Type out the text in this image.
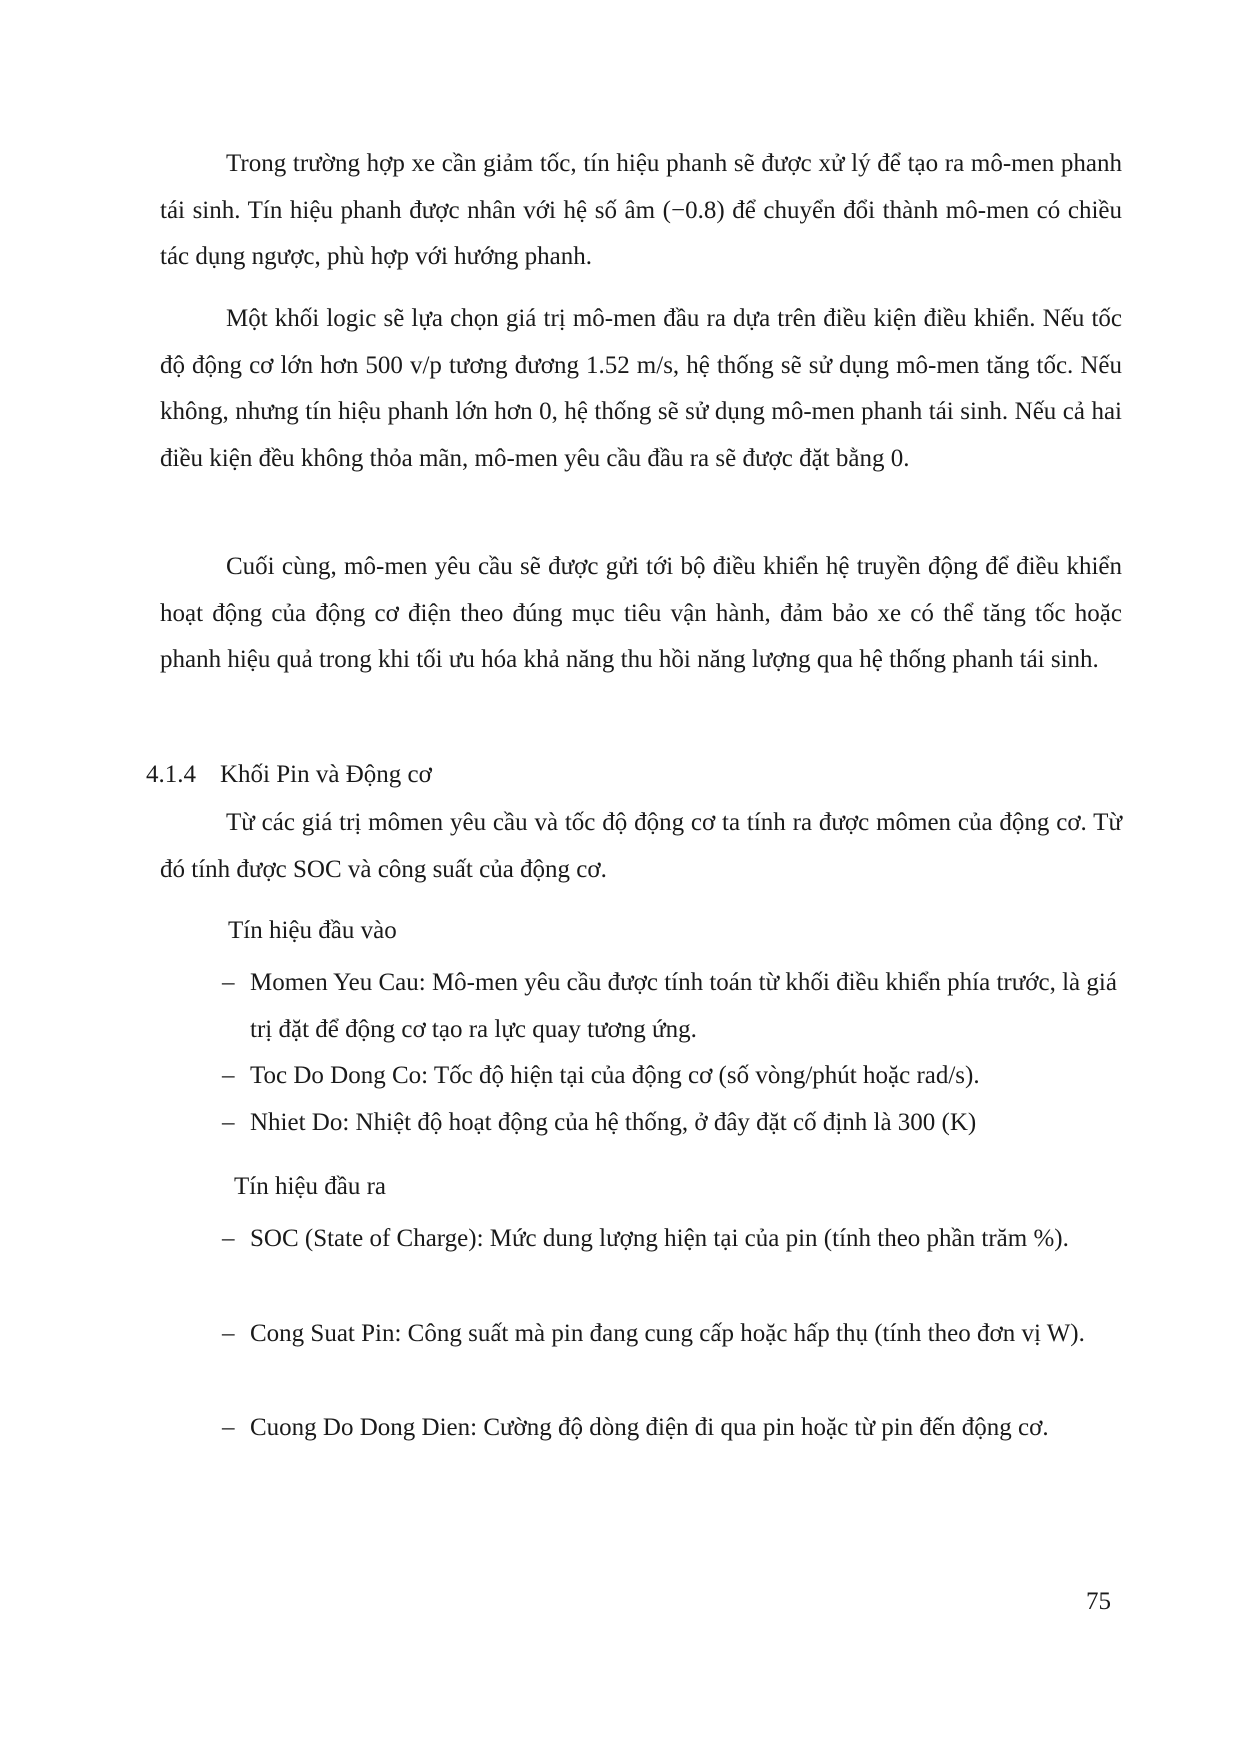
Trong trường hợp xe cần giảm tốc, tín hiệu phanh sẽ được xử lý để tạo ra mô-men phanh tái sinh. Tín hiệu phanh được nhân với hệ số âm (−0.8) để chuyển đổi thành mô-men có chiều tác dụng ngược, phù hợp với hướng phanh.

Một khối logic sẽ lựa chọn giá trị mô-men đầu ra dựa trên điều kiện điều khiển. Nếu tốc độ động cơ lớn hơn 500 v/p tương đương 1.52 m/s, hệ thống sẽ sử dụng mô-men tăng tốc. Nếu không, nhưng tín hiệu phanh lớn hơn 0, hệ thống sẽ sử dụng mô-men phanh tái sinh. Nếu cả hai điều kiện đều không thỏa mãn, mô-men yêu cầu đầu ra sẽ được đặt bằng 0.

Cuối cùng, mô-men yêu cầu sẽ được gửi tới bộ điều khiển hệ truyền động để điều khiển hoạt động của động cơ điện theo đúng mục tiêu vận hành, đảm bảo xe có thể tăng tốc hoặc phanh hiệu quả trong khi tối ưu hóa khả năng thu hồi năng lượng qua hệ thống phanh tái sinh.

4.1.4 Khối Pin và Động cơ

Từ các giá trị mômen yêu cầu và tốc độ động cơ ta tính ra được mômen của động cơ. Từ đó tính được SOC và công suất của động cơ.

Tín hiệu đầu vào

– Momen Yeu Cau: Mô-men yêu cầu được tính toán từ khối điều khiển phía trước, là giá trị đặt để động cơ tạo ra lực quay tương ứng.
– Toc Do Dong Co: Tốc độ hiện tại của động cơ (số vòng/phút hoặc rad/s).
– Nhiet Do: Nhiệt độ hoạt động của hệ thống, ở đây đặt cố định là 300 (K)

Tín hiệu đầu ra

– SOC (State of Charge): Mức dung lượng hiện tại của pin (tính theo phần trăm %).
– Cong Suat Pin: Công suất mà pin đang cung cấp hoặc hấp thụ (tính theo đơn vị W).
– Cuong Do Dong Dien: Cường độ dòng điện đi qua pin hoặc từ pin đến động cơ.

75
